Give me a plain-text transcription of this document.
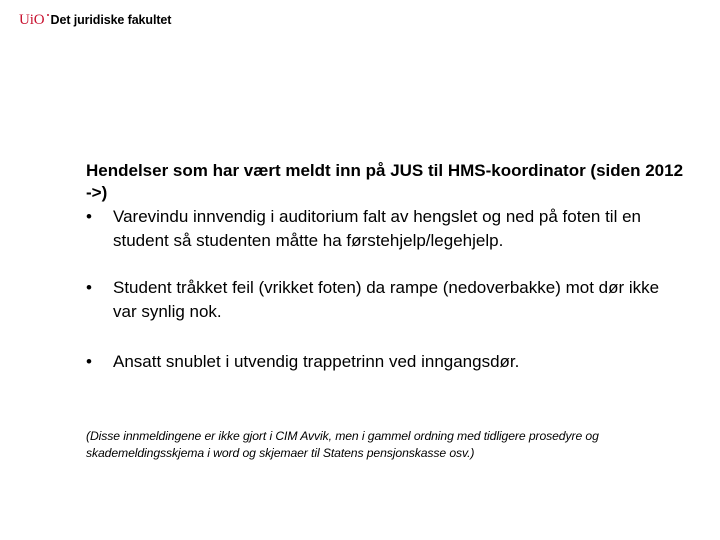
UiO Det juridiske fakultet

Hendelser som har vært meldt inn på JUS til HMS-koordinator (siden 2012 ->)

• Varevindu innvendig i auditorium falt av hengslet og ned på foten til en student så studenten måtte ha førstehjelp/legehjelp.
• Student tråkket feil (vrikket foten) da rampe (nedoverbakke) mot dør ikke var synlig nok.
• Ansatt snublet i utvendig trappetrinn ved inngangsdør.

(Disse innmeldingene er ikke gjort i CIM Avvik, men i gammel ordning med tidligere prosedyre og skademeldingsskjema i word og skjemaer til Statens pensjonskasse osv.)
